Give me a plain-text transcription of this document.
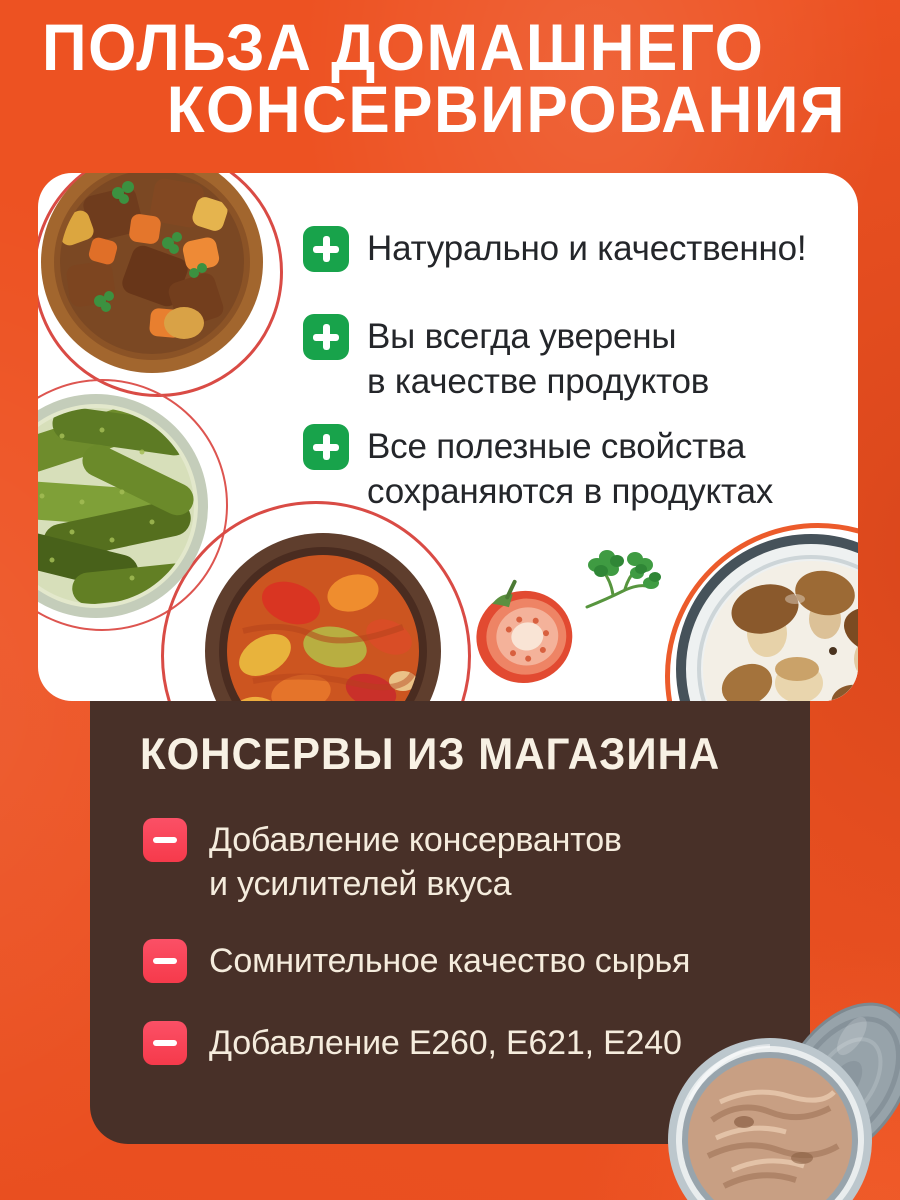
ПОЛЬЗА ДОМАШНЕГО
КОНСЕРВИРОВАНИЯ
Натурально и качественно!
Вы всегда уверены
в качестве продуктов
Все полезные свойства
сохраняются в продуктах
КОНСЕРВЫ ИЗ МАГАЗИНА
Добавление консервантов
и усилителей вкуса
Сомнительное качество сырья
Добавление Е260, Е621, Е240
